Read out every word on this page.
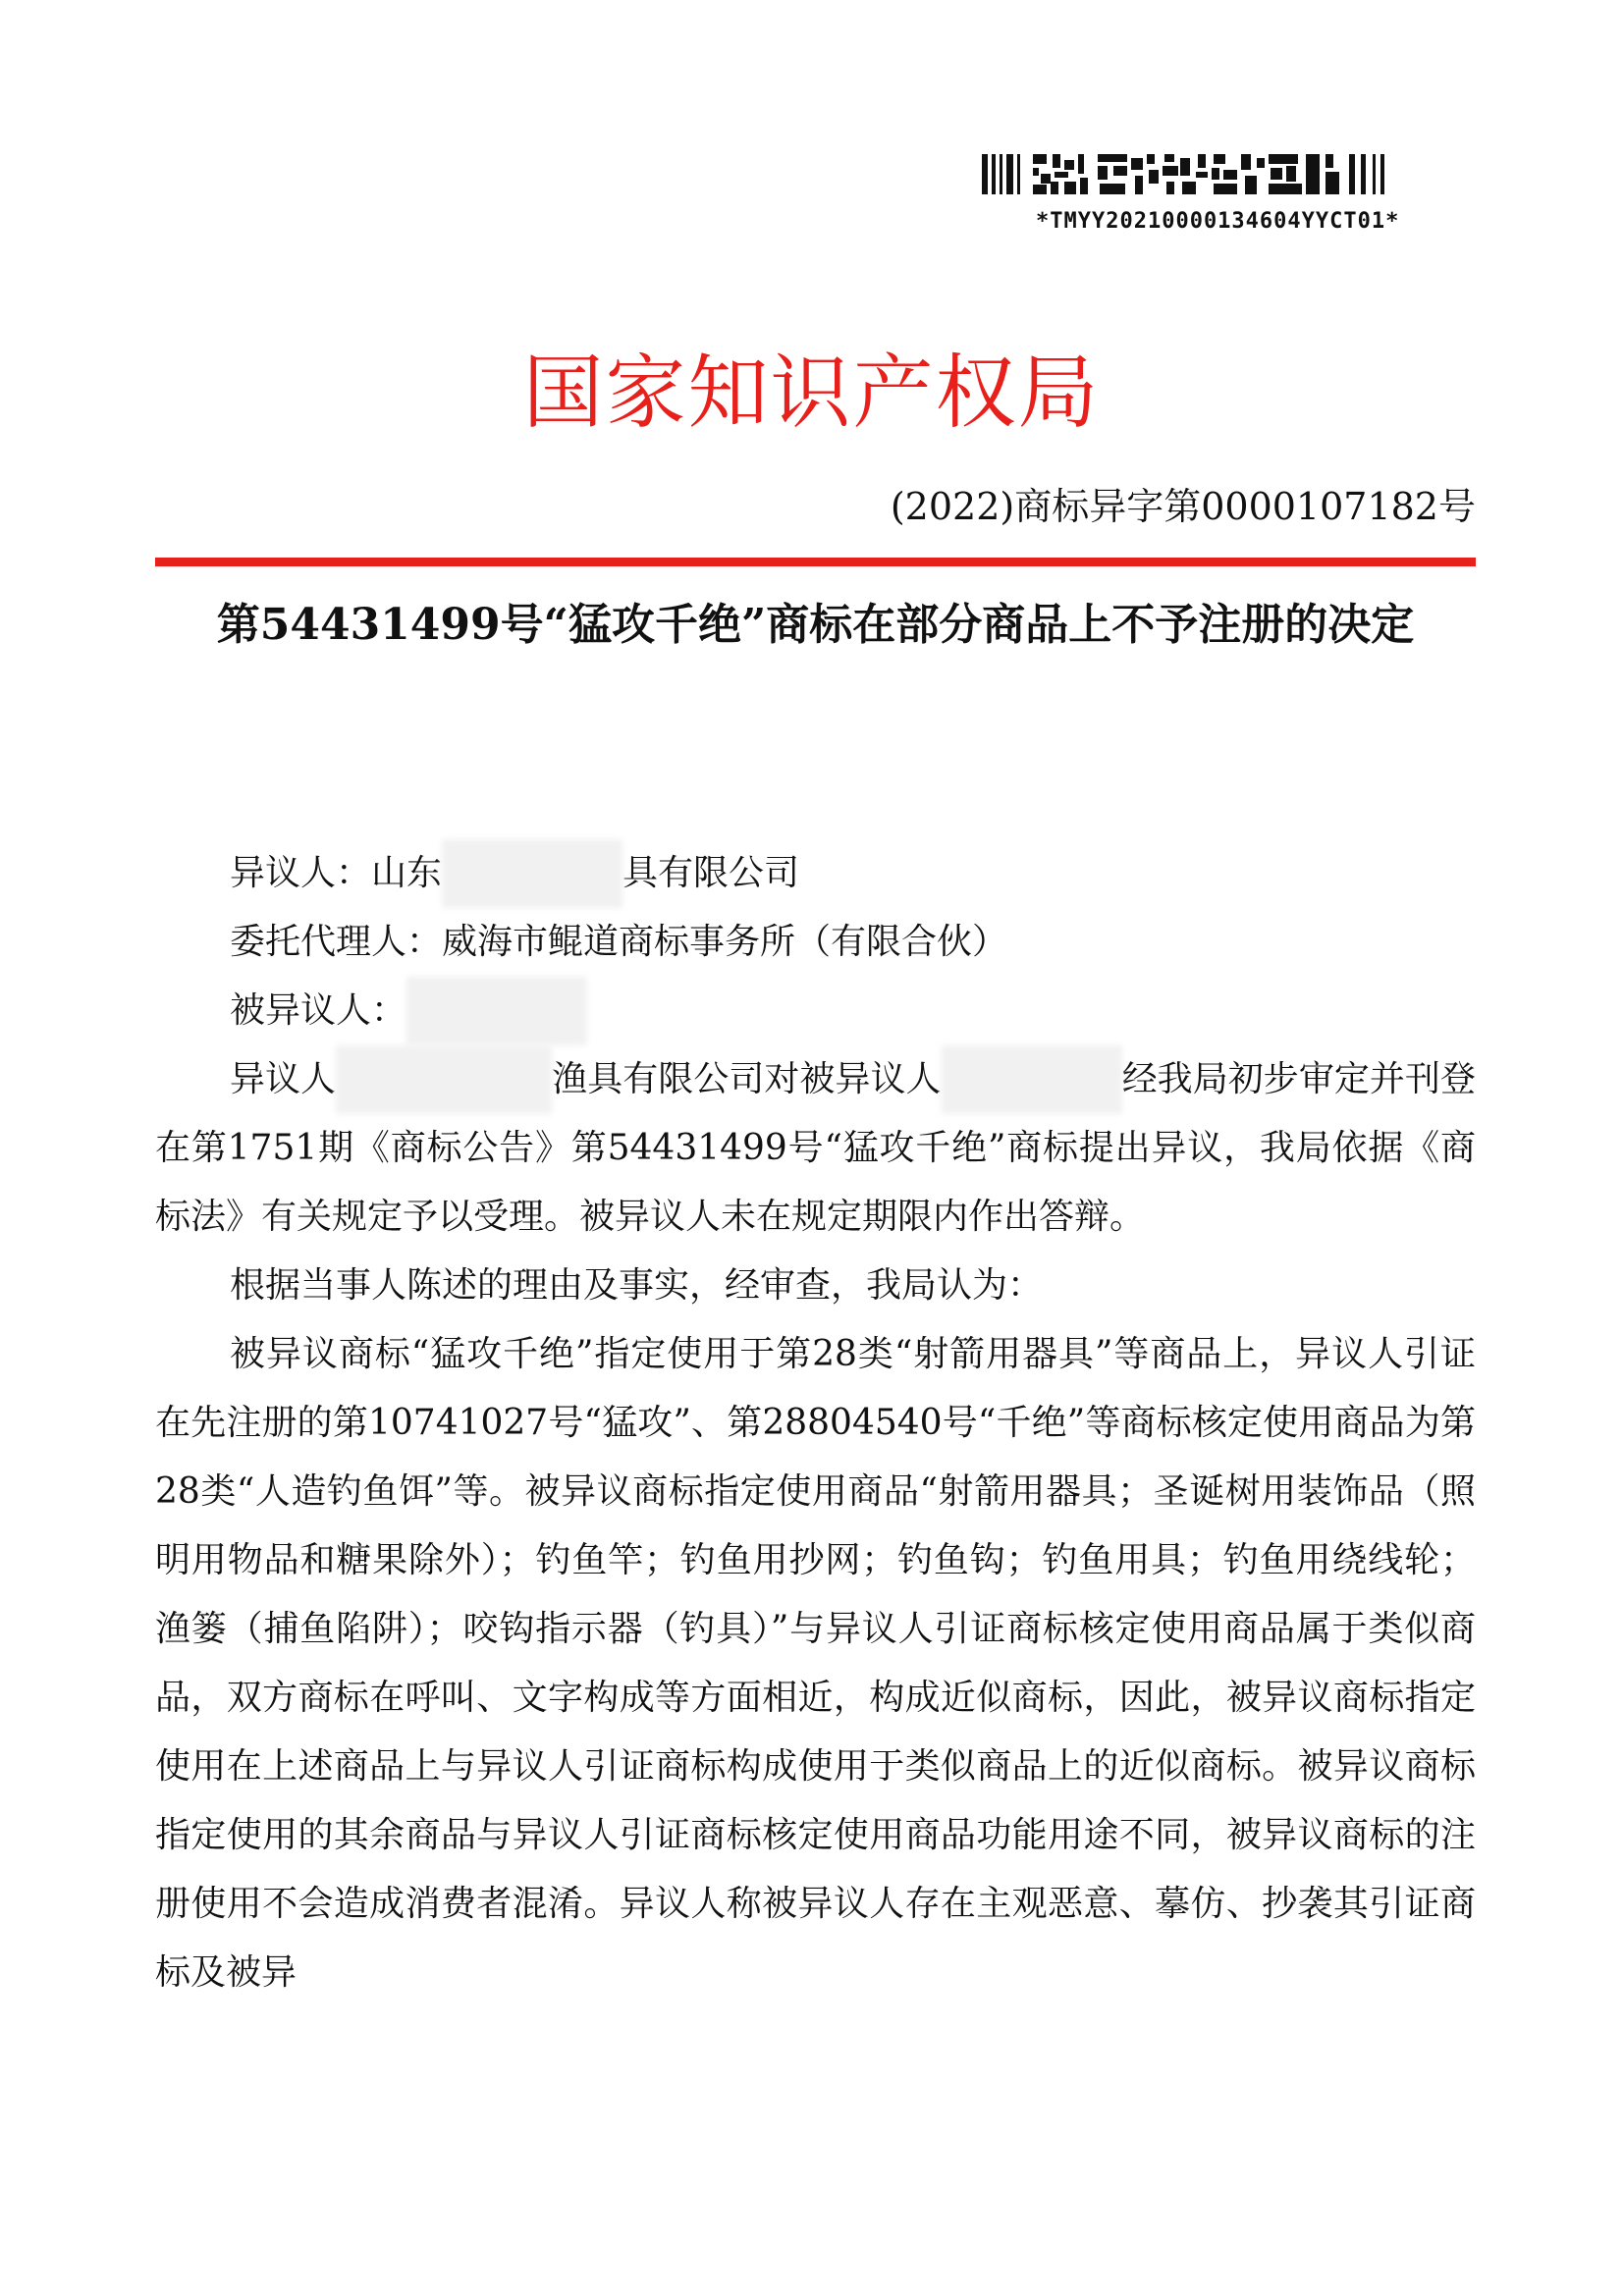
*TMYY20210000134604YYCT01*
国家知识产权局
(2022)商标异字第0000107182号
第54431499号“猛攻千绝”商标在部分商品上不予注册的决定
异议人：山东	具有限公司
委托代理人：威海市鲲道商标事务所（有限合伙）
被异议人：
异议人	渔具有限公司对被异议人	经我局初步审定并刊登在第1751期《商标公告》第54431499号“猛攻千绝”商标提出异议，我局依据《商标法》有关规定予以受理。被异议人未在规定期限内作出答辩。
根据当事人陈述的理由及事实，经审查，我局认为：
被异议商标“猛攻千绝”指定使用于第28类“射箭用器具”等商品上，异议人引证在先注册的第10741027号“猛攻”、第28804540号“千绝”等商标核定使用商品为第28类“人造钓鱼饵”等。被异议商标指定使用商品“射箭用器具；圣诞树用装饰品（照明用物品和糖果除外）；钓鱼竿；钓鱼用抄网；钓鱼钩；钓鱼用具；钓鱼用绕线轮；渔篓（捕鱼陷阱）；咬钩指示器（钓具）”与异议人引证商标核定使用商品属于类似商品，双方商标在呼叫、文字构成等方面相近，构成近似商标，因此，被异议商标指定使用在上述商品上与异议人引证商标构成使用于类似商品上的近似商标。被异议商标指定使用的其余商品与异议人引证商标核定使用商品功能用途不同，被异议商标的注册使用不会造成消费者混淆。异议人称被异议人存在主观恶意、摹仿、抄袭其引证商标及被异
